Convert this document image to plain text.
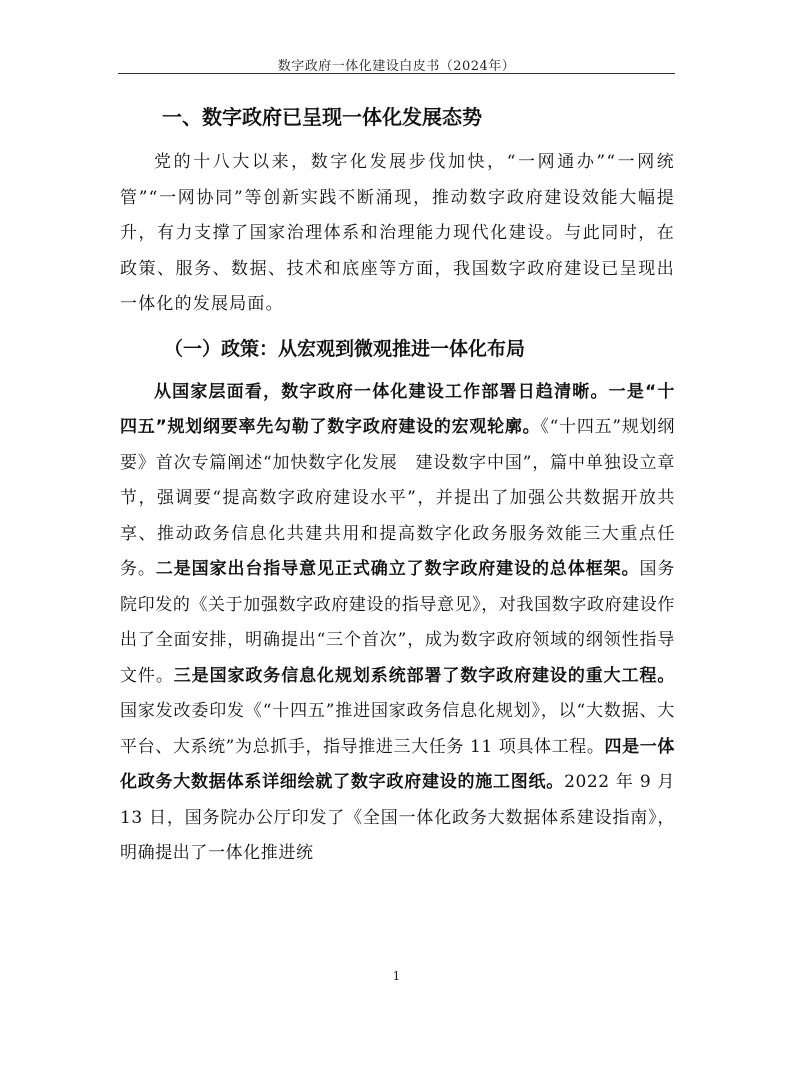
数字政府一体化建设白皮书（2024年）
一、数字政府已呈现一体化发展态势

党的十八大以来，数字化发展步伐加快，“一网通办”“一网统管”“一网协同”等创新实践不断涌现，推动数字政府建设效能大幅提升，有力支撑了国家治理体系和治理能力现代化建设。与此同时，在政策、服务、数据、技术和底座等方面，我国数字政府建设已呈现出一体化的发展局面。

（一）政策：从宏观到微观推进一体化布局

从国家层面看，数字政府一体化建设工作部署日趋清晰。一是“十四五”规划纲要率先勾勒了数字政府建设的宏观轮廓。《“十四五”规划纲要》首次专篇阐述“加快数字化发展　建设数字中国”，篇中单独设立章节，强调要“提高数字政府建设水平”，并提出了加强公共数据开放共享、推动政务信息化共建共用和提高数字化政务服务效能三大重点任务。二是国家出台指导意见正式确立了数字政府建设的总体框架。国务院印发的《关于加强数字政府建设的指导意见》，对我国数字政府建设作出了全面安排，明确提出“三个首次”，成为数字政府领域的纲领性指导文件。三是国家政务信息化规划系统部署了数字政府建设的重大工程。国家发改委印发《“十四五”推进国家政务信息化规划》，以“大数据、大平台、大系统”为总抓手，指导推进三大任务 11 项具体工程。四是一体化政务大数据体系详细绘就了数字政府建设的施工图纸。2022 年 9 月 13 日，国务院办公厅印发了《全国一体化政务大数据体系建设指南》，明确提出了一体化推进统

1
